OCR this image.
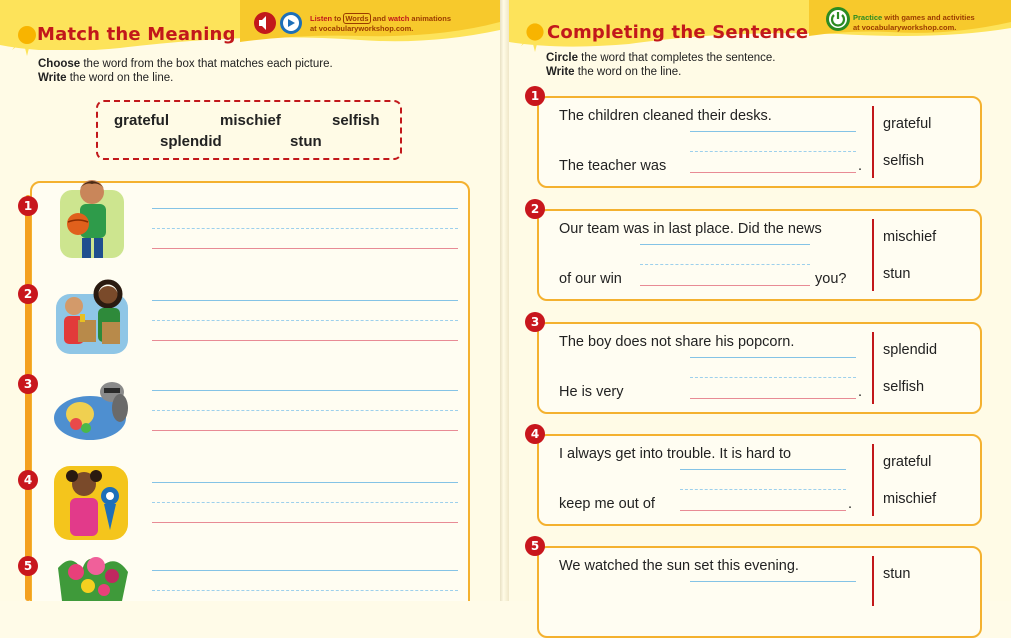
Match the Meaning
Listen to Words and watch animations
at vocabularyworkshop.com.
Choose the word from the box that matches each picture.
Write the word on the line.
grateful	mischief	selfish
splendid	stun
1
2
3
4
5
Completing the Sentence
Practice with games and activities
at vocabularyworkshop.com.
Circle the word that completes the sentence.
Write the word on the line.
1
The children cleaned their desks.
The teacher was	.
grateful
selfish
2
Our team was in last place. Did the news
of our win	you?
mischief
stun
3
The boy does not share his popcorn.
He is very	.
splendid
selfish
4
I always get into trouble. It is hard to
keep me out of	.
grateful
mischief
5
We watched the sun set this evening.	stun
